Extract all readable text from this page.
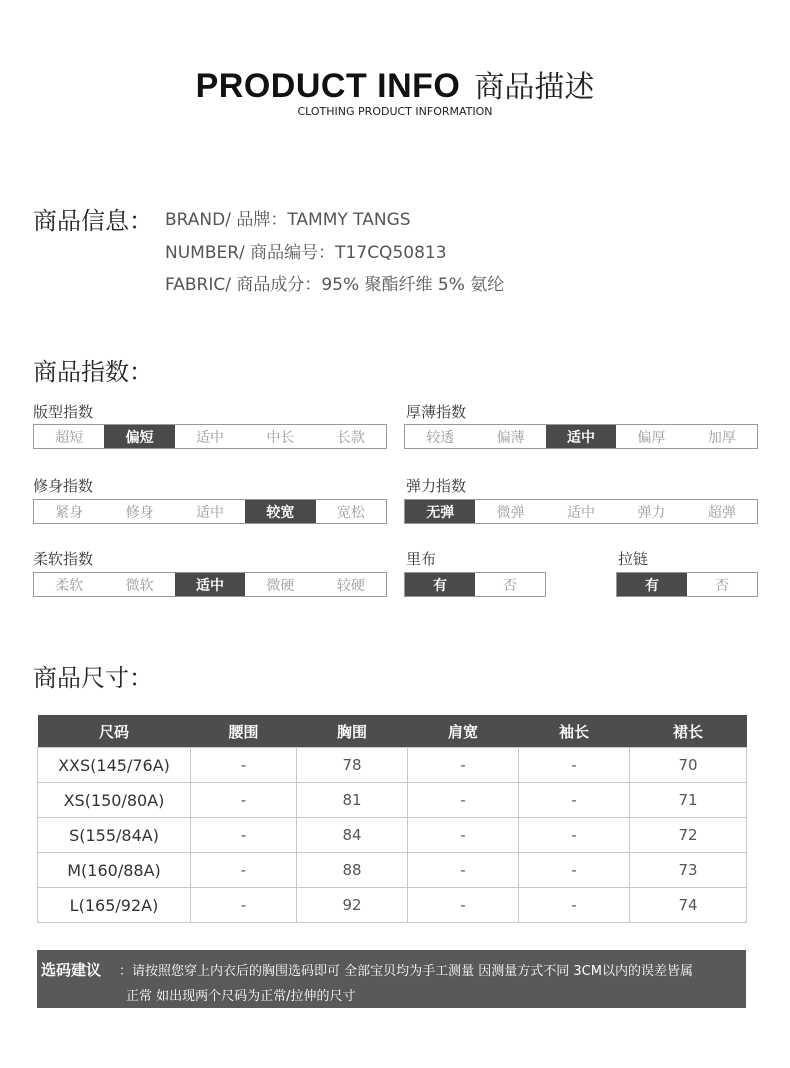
PRODUCT INFO 商品描述
CLOTHING PRODUCT INFORMATION
商品信息： BRAND/ 品牌：TAMMY TANGS
NUMBER/ 商品编号：T17CQ50813
FABRIC/ 商品成分：95% 聚酯纤维 5% 氨纶
商品指数：
版型指数
超短	偏短	适中	中长	长款
厚薄指数
较透	偏薄	适中	偏厚	加厚
修身指数
紧身	修身	适中	较宽	宽松
弹力指数
无弹	微弹	适中	弹力	超弹
柔软指数
柔软	微软	适中	微硬	较硬
里布
有	否
拉链
有	否
商品尺寸：
尺码	腰围	胸围	肩宽	袖长	裙长
XXS(145/76A)	-	78	-	-	70
XS(150/80A)	-	81	-	-	71
S(155/84A)	-	84	-	-	72
M(160/88A)	-	88	-	-	73
L(165/92A)	-	92	-	-	74
选码建议 ：请按照您穿上内衣后的胸围选码即可 全部宝贝均为手工测量 因测量方式不同 3CM以内的误差皆属
正常 如出现两个尺码为正常/拉伸的尺寸
